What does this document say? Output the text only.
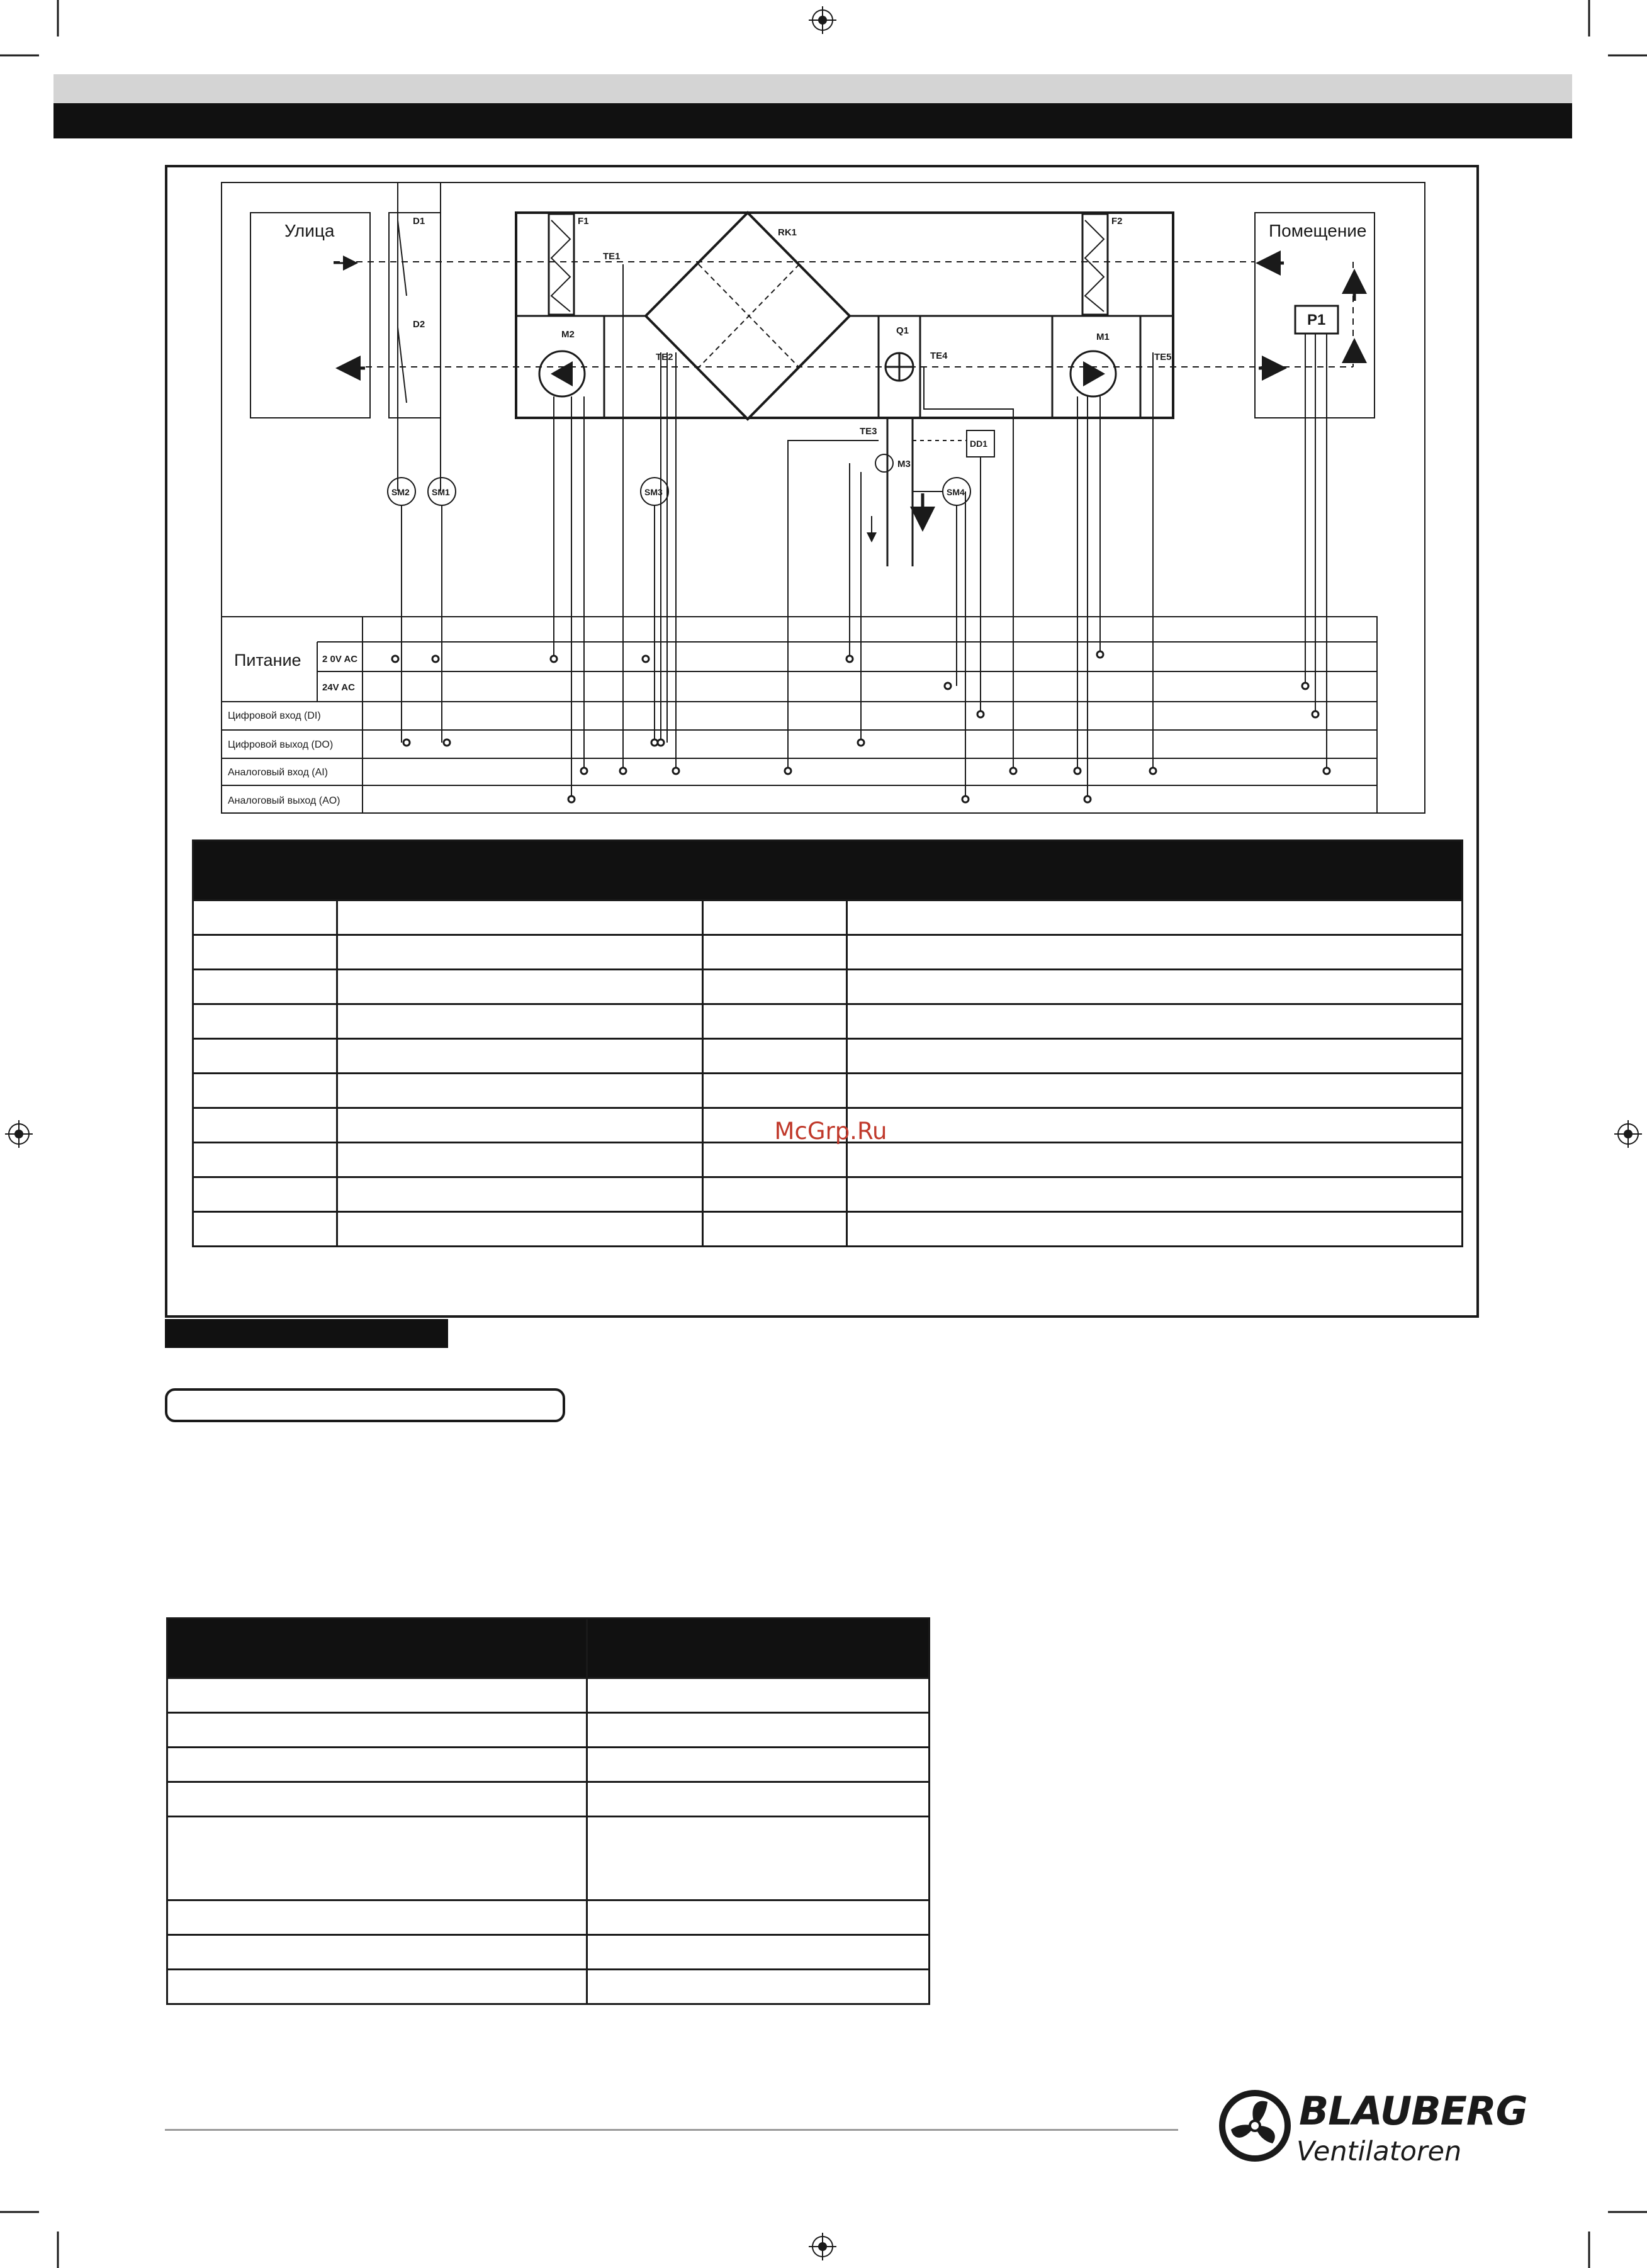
Улица	Помещение
D1
D2
F1	F2
RK1
TE1
TE2
TE3
TE4	TE5
M1
M2
M3
Q1
DD1
P1
SM2	SM1	SM3	SM4
Питание 2 0V AC
24V AC
Цифровой вход (DI)
Цифровой выход (DO)
Аналоговый вход (AI)
Аналоговый выход (AO)

McGrp.Ru

BLAUBERG
Ventilatoren
